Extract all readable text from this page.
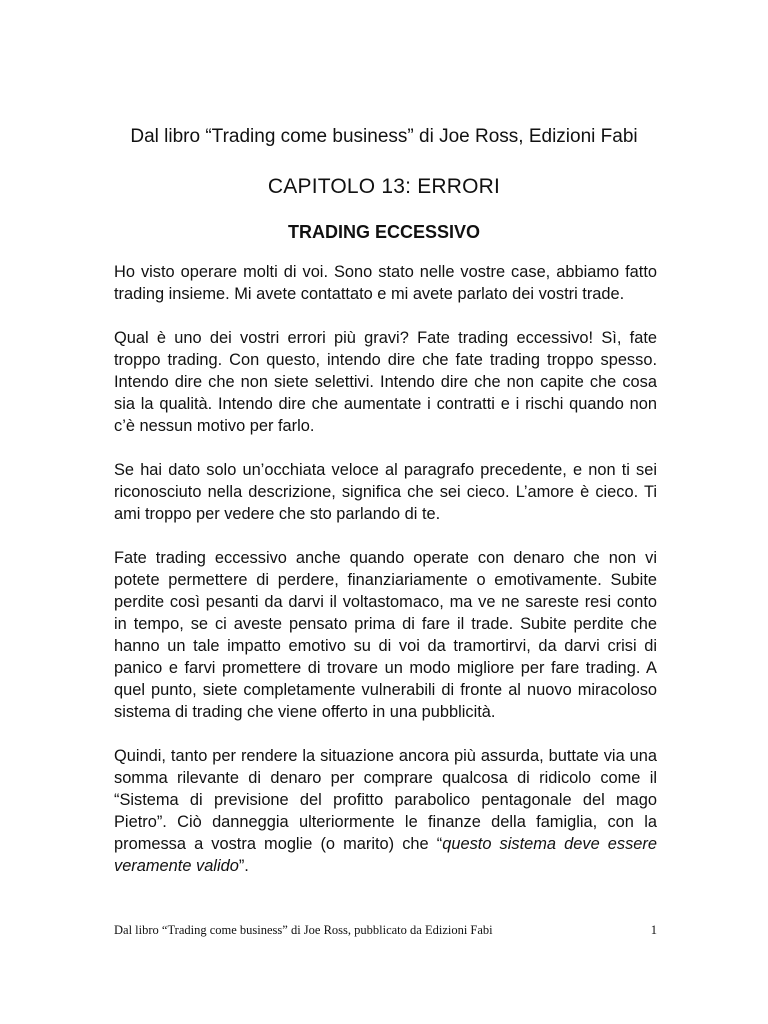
Dal libro “Trading come business” di Joe Ross, Edizioni Fabi
CAPITOLO 13: ERRORI
TRADING ECCESSIVO

Ho visto operare molti di voi. Sono stato nelle vostre case, abbiamo fatto trading insieme. Mi avete contattato e mi avete parlato dei vostri trade.

Qual è uno dei vostri errori più gravi? Fate trading eccessivo! Sì, fate troppo trading. Con questo, intendo dire che fate trading troppo spesso. Intendo dire che non siete selettivi. Intendo dire che non capite che cosa sia la qualità. Intendo dire che aumentate i contratti e i rischi quando non c’è nessun motivo per farlo.

Se hai dato solo un’occhiata veloce al paragrafo precedente, e non ti sei riconosciuto nella descrizione, significa che sei cieco. L’amore è cieco. Ti ami troppo per vedere che sto parlando di te.

Fate trading eccessivo anche quando operate con denaro che non vi potete permettere di perdere, finanziariamente o emotivamente. Subite perdite così pesanti da darvi il voltastomaco, ma ve ne sareste resi conto in tempo, se ci aveste pensato prima di fare il trade. Subite perdite che hanno un tale impatto emotivo su di voi da tramortirvi, da darvi crisi di panico e farvi promettere di trovare un modo migliore per fare trading. A quel punto, siete completamente vulnerabili di fronte al nuovo miracoloso sistema di trading che viene offerto in una pubblicità.

Quindi, tanto per rendere la situazione ancora più assurda, buttate via una somma rilevante di denaro per comprare qualcosa di ridicolo come il “Sistema di previsione del profitto parabolico pentagonale del mago Pietro”. Ciò danneggia ulteriormente le finanze della famiglia, con la promessa a vostra moglie (o marito) che “questo sistema deve essere veramente valido”.

Dal libro “Trading come business” di Joe Ross, pubblicato da Edizioni Fabi	1
